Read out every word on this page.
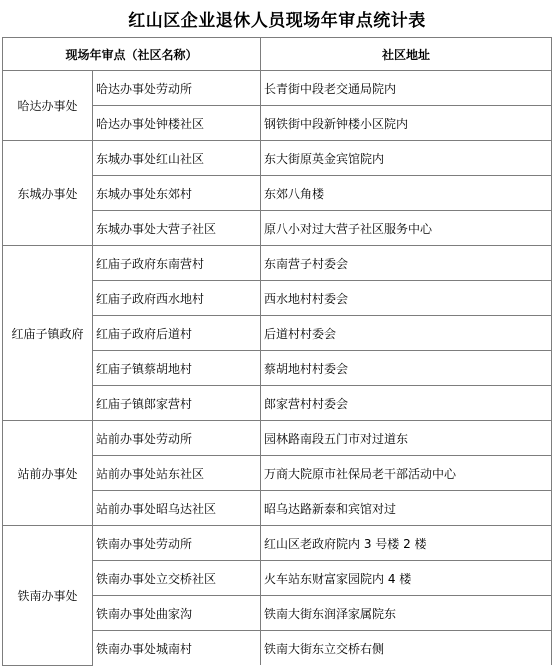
红山区企业退休人员现场年审点统计表
现场年审点（社区名称）		社区地址
哈达办事处	哈达办事处劳动所	长青街中段老交通局院内
	哈达办事处钟楼社区	钢铁街中段新钟楼小区院内
东城办事处	东城办事处红山社区	东大街原英金宾馆院内
	东城办事处东郊村	东郊八角楼
	东城办事处大营子社区	原八小对过大营子社区服务中心
红庙子镇政府	红庙子政府东南营村	东南营子村委会
	红庙子政府西水地村	西水地村村委会
	红庙子政府后道村	后道村村委会
	红庙子镇蔡胡地村	蔡胡地村村委会
	红庙子镇郎家营村	郎家营村村委会
站前办事处	站前办事处劳动所	园林路南段五门市对过道东
	站前办事处站东社区	万商大院原市社保局老干部活动中心
	站前办事处昭乌达社区	昭乌达路新泰和宾馆对过
铁南办事处	铁南办事处劳动所	红山区老政府院内 3 号楼 2 楼
	铁南办事处立交桥社区	火车站东财富家园院内 4 楼
	铁南办事处曲家沟	铁南大街东润泽家属院东
	铁南办事处城南村	铁南大街东立交桥右侧
